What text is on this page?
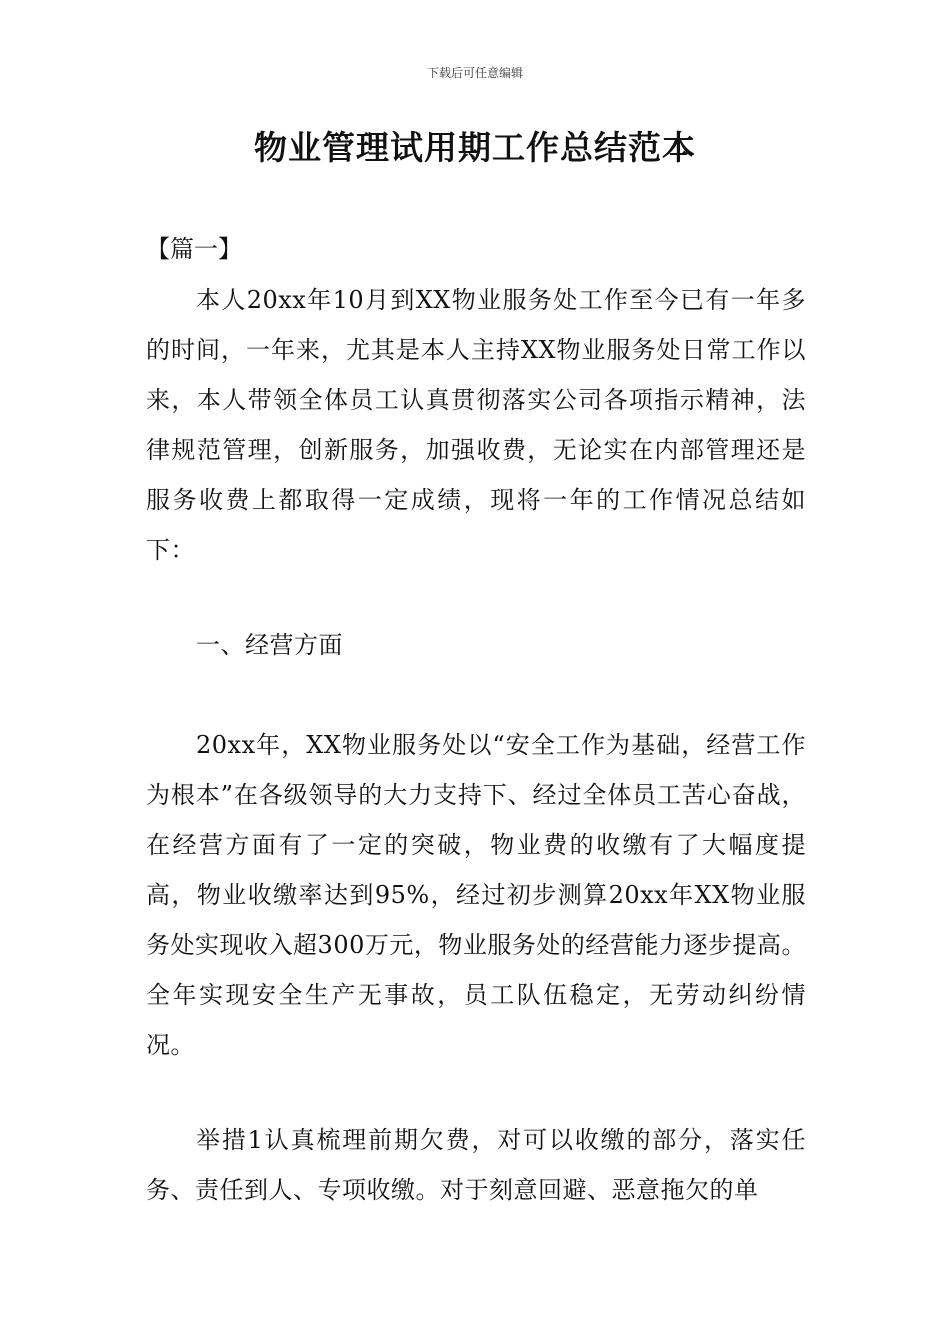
下载后可任意编辑
物业管理试用期工作总结范本
【篇一】

本人20xx年10月到XX物业服务处工作至今已有一年多的时间，一年来，尤其是本人主持XX物业服务处日常工作以来，本人带领全体员工认真贯彻落实公司各项指示精神，法律规范管理，创新服务，加强收费，无论实在内部管理还是服务收费上都取得一定成绩，现将一年的工作情况总结如下：

一、经营方面

20xx年，XX物业服务处以“安全工作为基础，经营工作为根本”在各级领导的大力支持下、经过全体员工苦心奋战，在经营方面有了一定的突破，物业费的收缴有了大幅度提高，物业收缴率达到95%，经过初步测算20xx年XX物业服务处实现收入超300万元，物业服务处的经营能力逐步提高。全年实现安全生产无事故，员工队伍稳定，无劳动纠纷情况。

举措1认真梳理前期欠费，对可以收缴的部分，落实任务、责任到人、专项收缴。对于刻意回避、恶意拖欠的单
